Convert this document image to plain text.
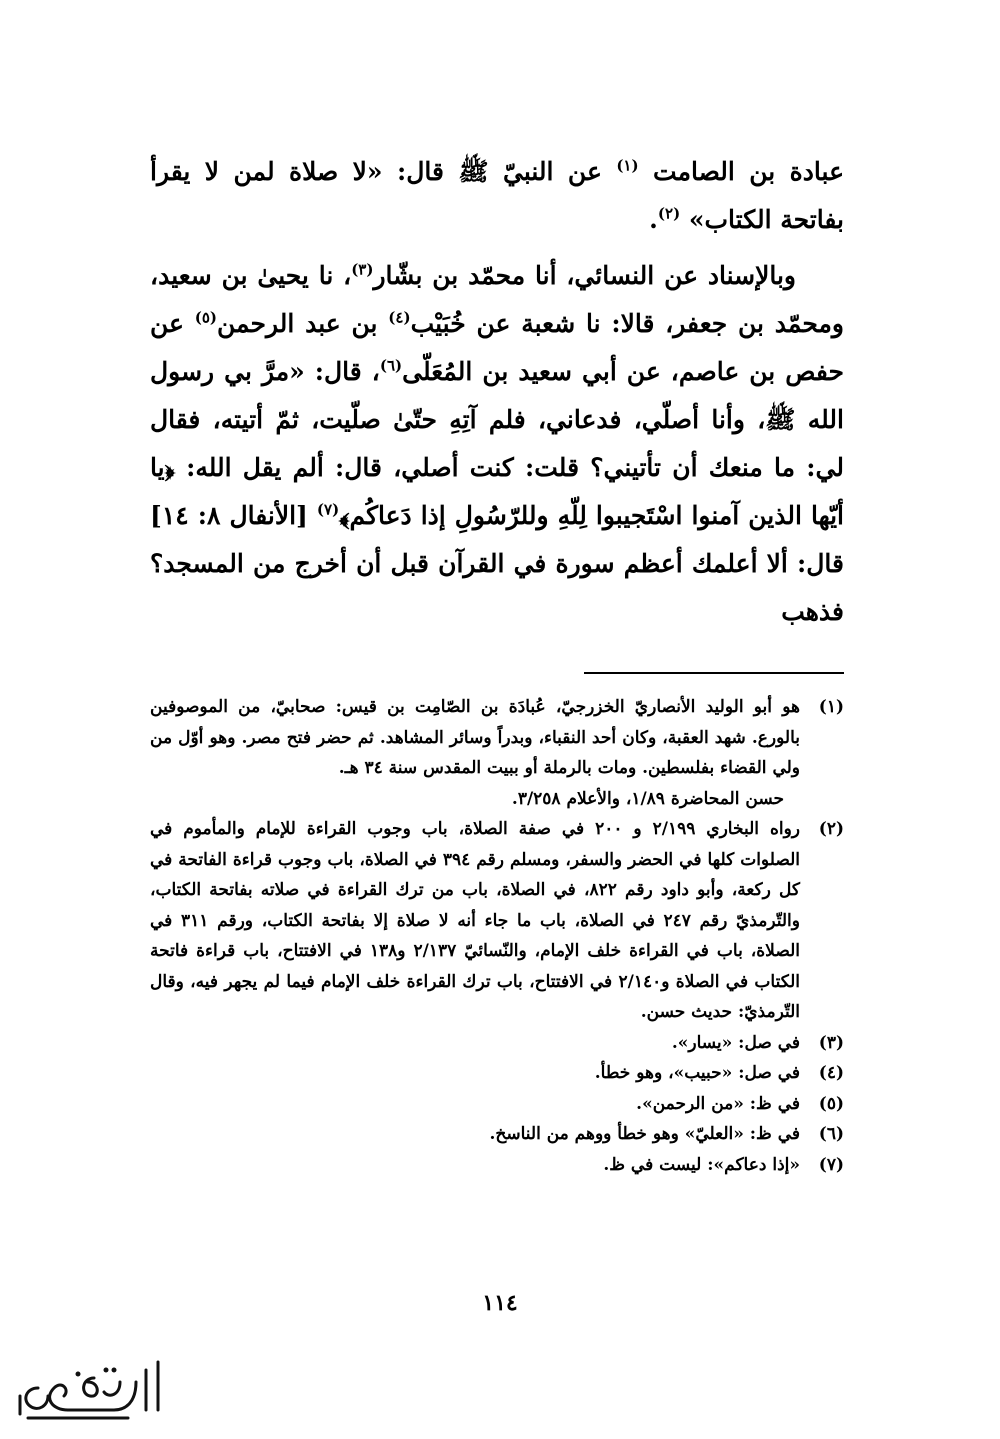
عبادة بن الصامت $^{(١)}$ عن النبيّ ﷺ قال: «لا صلاة لمن لا يقرأ بفاتحة الكتاب» $^{(٢)}$.

وبالإسناد عن النسائي، أنا محمّد بن بشّار$^{(٣)}$، نا يحيىٰ بن سعيد، ومحمّد بن جعفر، قالا: نا شعبة عن خُبَيْب$^{(٤)}$ بن عبد الرحمن$^{(٥)}$ عن حفص بن عاصم، عن أبي سعيد بن المُعَلّى$^{(٦)}$، قال: «مرَّ بي رسول الله ﷺ، وأنا أصلّي، فدعاني، فلم آتِهِ حتّىٰ صلّيت، ثمّ أتيته، فقال لي: ما منعك أن تأتيني؟ قلت: كنت أصلي، قال: ألم يقل الله: ﴿يا أيّها الذين آمنوا اسْتَجيبوا لِلّهِ وللرّسُولِ إذا دَعاكُم﴾$^{(٧)}$ [الأنفال ٨: ١٤] قال: ألا أعلمك أعظم سورة في القرآن قبل أن أخرج من المسجد؟ فذهب

(١)
هو أبو الوليد الأنصاريّ الخزرجيّ، عُبادَة بن الصّامِت بن قيس: صحابيّ، من الموصوفين بالورع. شهد العقبة، وكان أحد النقباء، وبدراً وسائر المشاهد. ثم حضر فتح مصر. وهو أوّل من ولي القضاء بفلسطين. ومات بالرملة أو ببيت المقدس سنة ٣٤ هـ.
حسن المحاضرة ١/٨٩، والأعلام ٣/٢٥٨.
(٢)
رواه البخاري ٢/١٩٩ و ٢٠٠ في صفة الصلاة، باب وجوب القراءة للإمام والمأموم في الصلوات كلها في الحضر والسفر، ومسلم رقم ٣٩٤ في الصلاة، باب وجوب قراءة الفاتحة في كل ركعة، وأبو داود رقم ٨٢٢، في الصلاة، باب من ترك القراءة في صلاته بفاتحة الكتاب، والتّرمذيّ رقم ٢٤٧ في الصلاة، باب ما جاء أنه لا صلاة إلا بفاتحة الكتاب، ورقم ٣١١ في الصلاة، باب في القراءة خلف الإمام، والنّسائيّ ٢/١٣٧ و١٣٨ في الافتتاح، باب قراءة فاتحة الكتاب في الصلاة و٢/١٤٠ في الافتتاح، باب ترك القراءة خلف الإمام فيما لم يجهر فيه، وقال التّرمذيّ: حديث حسن.
(٣)
في صل: «يسار».
(٤)
في صل: «حبيب»، وهو خطأ.
(٥)
في ظ: «من الرحمن».
(٦)
في ظ: «العليّ» وهو خطأ ووهم من الناسخ.
(٧)
«إذا دعاكم»: ليست في ظ.
١١٤
